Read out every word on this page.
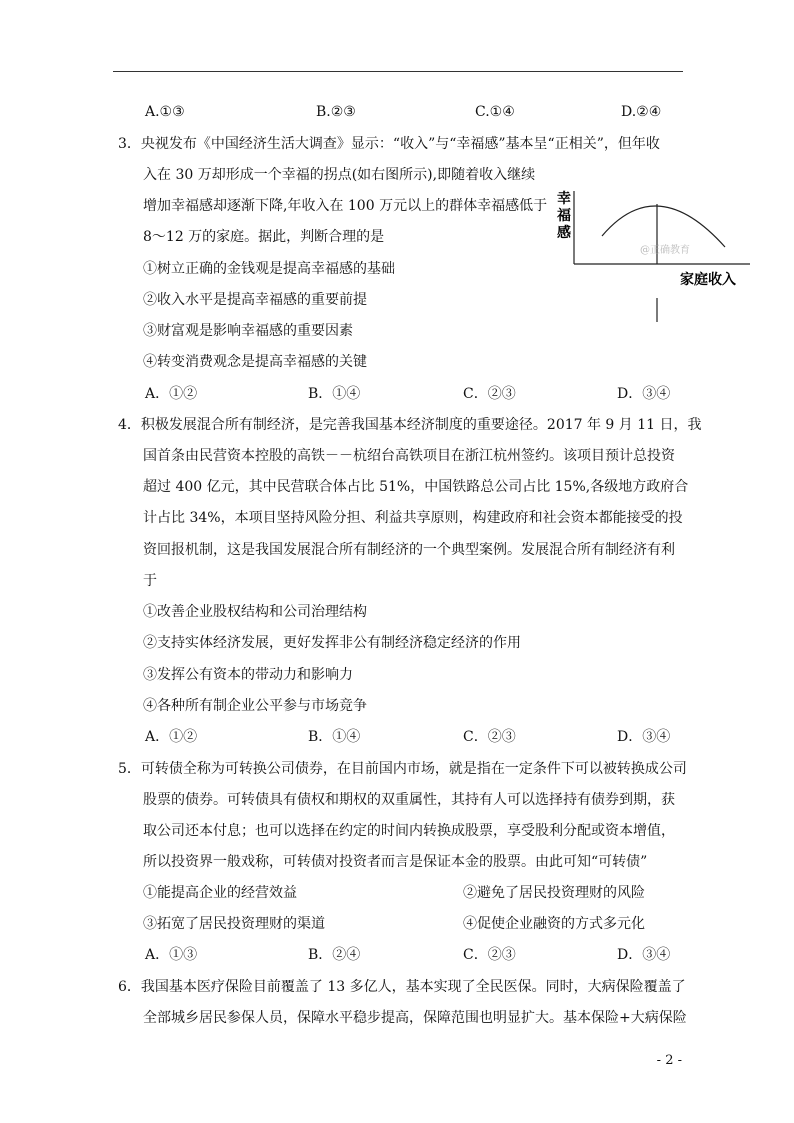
A.①③	B.②③	C.①④	D.②④
3．央视发布《中国经济生活大调查》显示：“收入”与“幸福感”基本呈“正相关”，但年收
入在 30 万却形成一个幸福的拐点(如右图所示),即随着收入继续
增加幸福感却逐渐下降,年收入在 100 万元以上的群体幸福感低于
8～12 万的家庭。据此，判断合理的是
①树立正确的金钱观是提高幸福感的基础
②收入水平是提高幸福感的重要前提
③财富观是影响幸福感的重要因素
④转变消费观念是提高幸福感的关键
A．①②	B．①④	C．②③	D．③④
幸
福
感
@正确教育
家庭收入
4．积极发展混合所有制经济，是完善我国基本经济制度的重要途径。2017 年 9 月 11 日，我
国首条由民营资本控股的高铁－－杭绍台高铁项目在浙江杭州签约。该项目预计总投资
超过 400 亿元，其中民营联合体占比 51%，中国铁路总公司占比 15%,各级地方政府合
计占比 34%，本项目坚持风险分担、利益共享原则，构建政府和社会资本都能接受的投
资回报机制，这是我国发展混合所有制经济的一个典型案例。发展混合所有制经济有利
于
①改善企业股权结构和公司治理结构
②支持实体经济发展，更好发挥非公有制经济稳定经济的作用
③发挥公有资本的带动力和影响力
④各种所有制企业公平参与市场竞争
A．①②	B．①④	C．②③	D．③④
5．可转债全称为可转换公司债券，在目前国内市场，就是指在一定条件下可以被转换成公司
股票的债券。可转债具有债权和期权的双重属性，其持有人可以选择持有债券到期，获
取公司还本付息；也可以选择在约定的时间内转换成股票，享受股利分配或资本增值，
所以投资界一般戏称，可转债对投资者而言是保证本金的股票。由此可知“可转债”
①能提高企业的经营效益	②避免了居民投资理财的风险
③拓宽了居民投资理财的渠道	④促使企业融资的方式多元化
A．①③	B．②④	C．②③	D．③④
6．我国基本医疗保险目前覆盖了 13 多亿人，基本实现了全民医保。同时，大病保险覆盖了
全部城乡居民参保人员，保障水平稳步提高，保障范围也明显扩大。基本保险+大病保险
- 2 -
